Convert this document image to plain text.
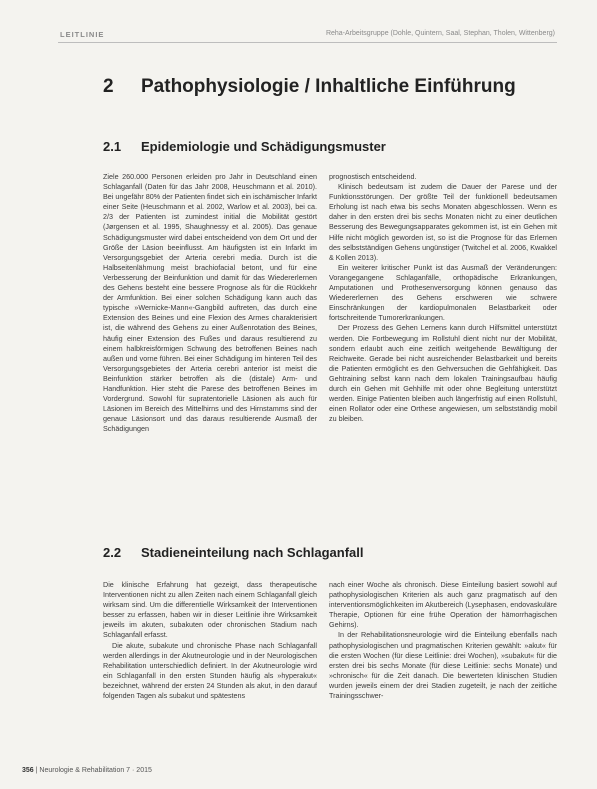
LEITLINIE	Reha-Arbeitsgruppe (Dohle, Quintern, Saal, Stephan, Tholen, Wittenberg)
2 Pathophysiologie / Inhaltliche Einführung
2.1 Epidemiologie und Schädigungsmuster

Ziele 260.000 Personen erleiden pro Jahr in Deutschland einen Schlaganfall (Daten für das Jahr 2008, Heuschmann et al. 2010). Bei ungefähr 80% der Patienten findet sich ein ischämischer Infarkt einer Seite (Heuschmann et al. 2002, Warlow et al. 2003), bei ca. 2/3 der Patienten ist zumindest initial die Mobilität gestört (Jørgensen et al. 1995, Shaughnessy et al. 2005). Das genaue Schädigungsmuster wird dabei entscheidend von dem Ort und der Größe der Läsion beeinflusst. Am häufigsten ist ein Infarkt im Versorgungsgebiet der Arteria cerebri media. Durch ist die Halbseitenlähmung meist brachiofacial betont, und für eine Verbesserung der Beinfunktion und damit für das Wiedererlernen des Gehens besteht eine bessere Prognose als für die Rückkehr der Armfunktion. Bei einer solchen Schädigung kann auch das typische »Wernicke-Mann«-Gangbild auftreten, das durch eine Extension des Beines und eine Flexion des Armes charakterisiert ist, die während des Gehens zu einer Außenrotation des Beines, häufig einer Extension des Fußes und daraus resultierend zu einem halbkreisförmigen Schwung des betroffenen Beines nach außen und vorne führen. Bei einer Schädigung im hinteren Teil des Versorgungsgebietes der Arteria cerebri anterior ist meist die Beinfunktion stärker betroffen als die (distale) Arm- und Handfunktion. Hier steht die Parese des betroffenen Beines im Vordergrund. Sowohl für supratentorielle Läsionen als auch für Läsionen im Bereich des Mittelhirns und des Hirnstamms sind der genaue Läsionsort und das daraus resultierende Ausmaß der Schädigungen

prognostisch entscheidend.

Klinisch bedeutsam ist zudem die Dauer der Parese und der Funktionsstörungen. Der größte Teil der funktionell bedeutsamen Erholung ist nach etwa bis sechs Monaten abgeschlossen. Wenn es daher in den ersten drei bis sechs Monaten nicht zu einer deutlichen Besserung des Bewegungsapparates gekommen ist, ist ein Gehen mit Hilfe nicht möglich geworden ist, so ist die Prognose für das Erlernen des selbstständigen Gehens ungünstiger (Twitchel et al. 2006, Kwakkel & Kollen 2013).

Ein weiterer kritischer Punkt ist das Ausmaß der Veränderungen: Vorangegangene Schlaganfälle, orthopädische Erkrankungen, Amputationen und Prothesenversorgung können genauso das Wiedererlernen des Gehens erschweren wie schwere Einschränkungen der kardiopulmonalen Belastbarkeit oder fortschreitende Tumorerkrankungen.

Der Prozess des Gehen Lernens kann durch Hilfsmittel unterstützt werden. Die Fortbewegung im Rollstuhl dient nicht nur der Mobilität, sondern erlaubt auch eine zeitlich weitgehende Bewältigung der Reichweite. Gerade bei nicht ausreichender Belastbarkeit und bereits die Patienten ermöglicht es den Gehversuchen die Gehfähigkeit. Das Gehtraining selbst kann nach dem lokalen Trainingsaufbau häufig durch ein Gehen mit Gehhilfe mit oder ohne Begleitung unterstützt werden. Einige Patienten bleiben auch längerfristig auf einen Rollstuhl, einen Rollator oder eine Orthese angewiesen, um selbstständig mobil zu bleiben.

2.2 Stadieneinteilung nach Schlaganfall

Die klinische Erfahrung hat gezeigt, dass therapeutische Interventionen nicht zu allen Zeiten nach einem Schlaganfall gleich wirksam sind. Um die differentielle Wirksamkeit der Interventionen besser zu erfassen, haben wir in dieser Leitlinie ihre Wirksamkeit jeweils im akuten, subakuten oder chronischen Stadium nach Schlaganfall erfasst.

Die akute, subakute und chronische Phase nach Schlaganfall werden allerdings in der Akutneurologie und in der Neurologischen Rehabilitation unterschiedlich definiert. In der Akutneurologie wird ein Schlaganfall in den ersten Stunden häufig als »hyperakut« bezeichnet, während der ersten 24 Stunden als akut, in den darauf folgenden Tagen als subakut und spätestens

nach einer Woche als chronisch. Diese Einteilung basiert sowohl auf pathophysiologischen Kriterien als auch ganz pragmatisch auf den interventionsmöglichkeiten im Akutbereich (Lysephasen, endovaskuläre Therapie, Optionen für eine frühe Operation der hämorrhagischen Gehirns).

In der Rehabilitationsneurologie wird die Einteilung ebenfalls nach pathophysiologischen und pragmatischen Kriterien gewählt: »akut« für die ersten Wochen (für diese Leitlinie: drei Wochen), »subakut« für die ersten drei bis sechs Monate (für diese Leitlinie: sechs Monate) und »chronisch« für die Zeit danach. Die bewerteten klinischen Studien wurden jeweils einem der drei Stadien zugeteilt, je nach der zeitliche Trainingsschwer-

356 | Neurologie & Rehabilitation 7 · 2015
